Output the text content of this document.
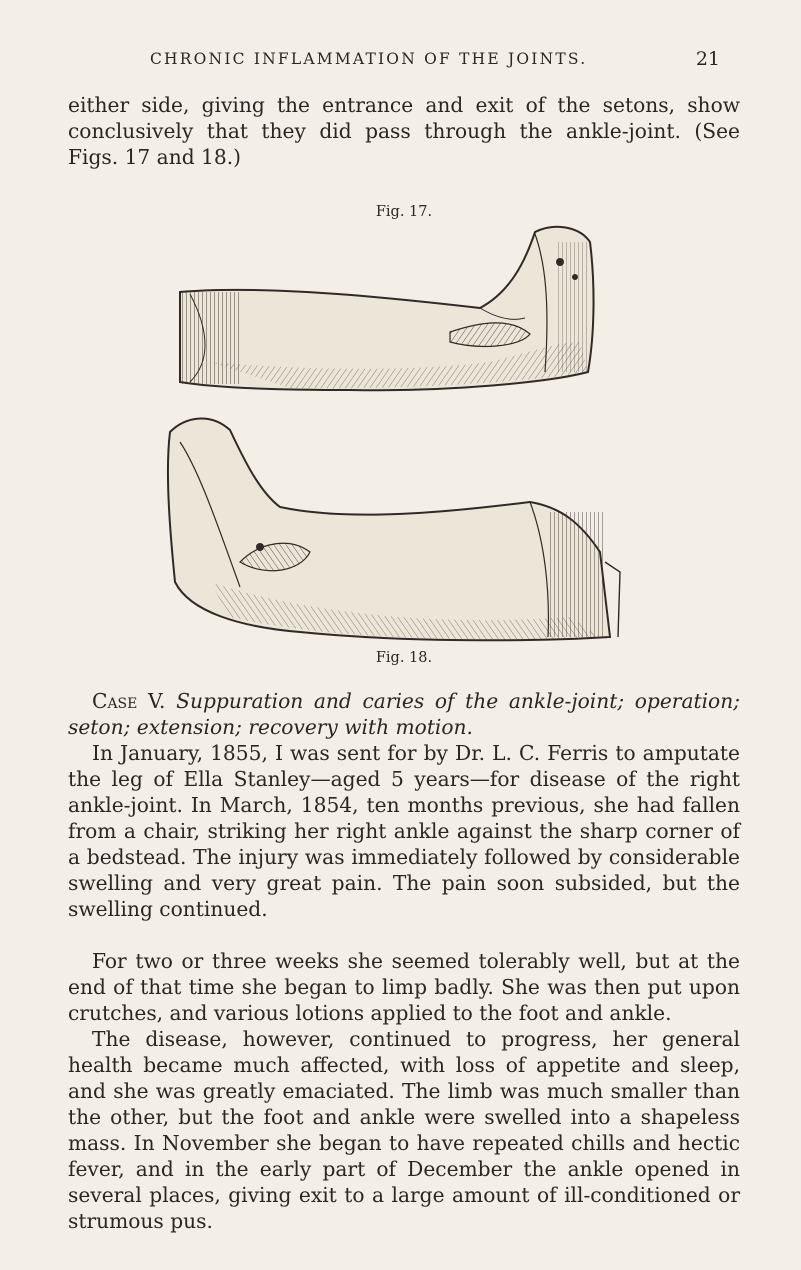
CHRONIC INFLAMMATION OF THE JOINTS.	21
either side, giving the entrance and exit of the setons, show conclusively that they did pass through the ankle-joint. (See Figs. 17 and 18.)
Fig. 17.
Fig. 18.
Case V. Suppuration and caries of the ankle-joint; operation; seton; extension; recovery with motion.
In January, 1855, I was sent for by Dr. L. C. Ferris to amputate the leg of Ella Stanley—aged 5 years—for disease of the right ankle-joint. In March, 1854, ten months previous, she had fallen from a chair, striking her right ankle against the sharp corner of a bedstead. The injury was immediately followed by considerable swelling and very great pain. The pain soon subsided, but the swelling continued.
For two or three weeks she seemed tolerably well, but at the end of that time she began to limp badly. She was then put upon crutches, and various lotions applied to the foot and ankle.
The disease, however, continued to progress, her general health became much affected, with loss of appetite and sleep, and she was greatly emaciated. The limb was much smaller than the other, but the foot and ankle were swelled into a shapeless mass. In November she began to have repeated chills and hectic fever, and in the early part of December the ankle opened in several places, giving exit to a large amount of ill-conditioned or strumous pus.
